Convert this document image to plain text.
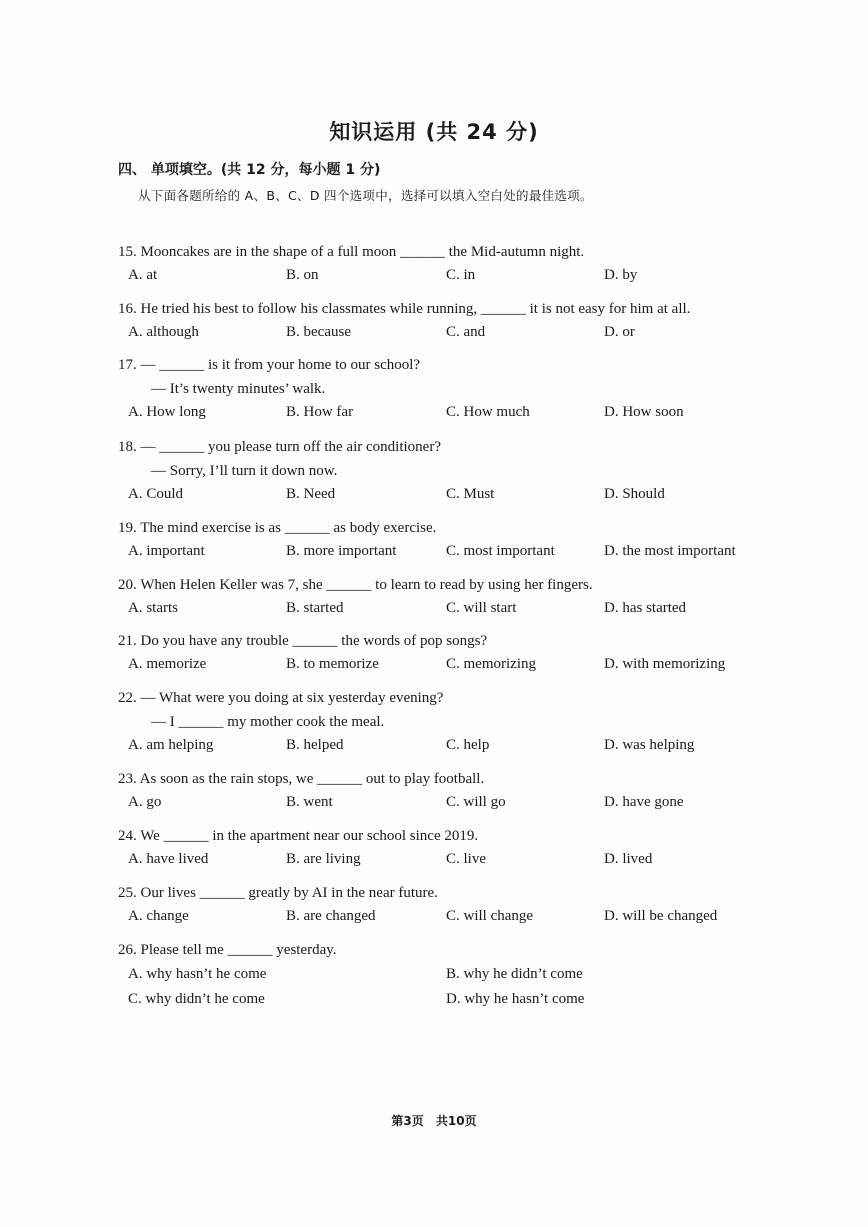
知识运用 (共 24 分)
四、 单项填空。(共 12 分，每小题 1 分)
从下面各题所给的 A、B、C、D 四个选项中，选择可以填入空白处的最佳选项。
15. Mooncakes are in the shape of a full moon ______ the Mid-autumn night.
A. at	B. on	C. in	D. by
16. He tried his best to follow his classmates while running, ______ it is not easy for him at all.
A. although	B. because	C. and	D. or
17. — ______ is it from your home to our school?
— It’s twenty minutes’ walk.
A. How long	B. How far	C. How much	D. How soon
18. — ______ you please turn off the air conditioner?
— Sorry, I’ll turn it down now.
A. Could	B. Need	C. Must	D. Should
19. The mind exercise is as ______ as body exercise.
A. important	B. more important	C. most important	D. the most important
20. When Helen Keller was 7, she ______ to learn to read by using her fingers.
A. starts	B. started	C. will start	D. has started
21. Do you have any trouble ______ the words of pop songs?
A. memorize	B. to memorize	C. memorizing	D. with memorizing
22. — What were you doing at six yesterday evening?
— I ______ my mother cook the meal.
A. am helping	B. helped	C. help	D. was helping
23. As soon as the rain stops, we ______ out to play football.
A. go	B. went	C. will go	D. have gone
24. We ______ in the apartment near our school since 2019.
A. have lived	B. are living	C. live	D. lived
25. Our lives ______ greatly by AI in the near future.
A. change	B. are changed	C. will change	D. will be changed
26. Please tell me ______ yesterday.
A. why hasn’t he come	B. why he didn’t come
C. why didn’t he come	D. why he hasn’t come
第3页 共10页
